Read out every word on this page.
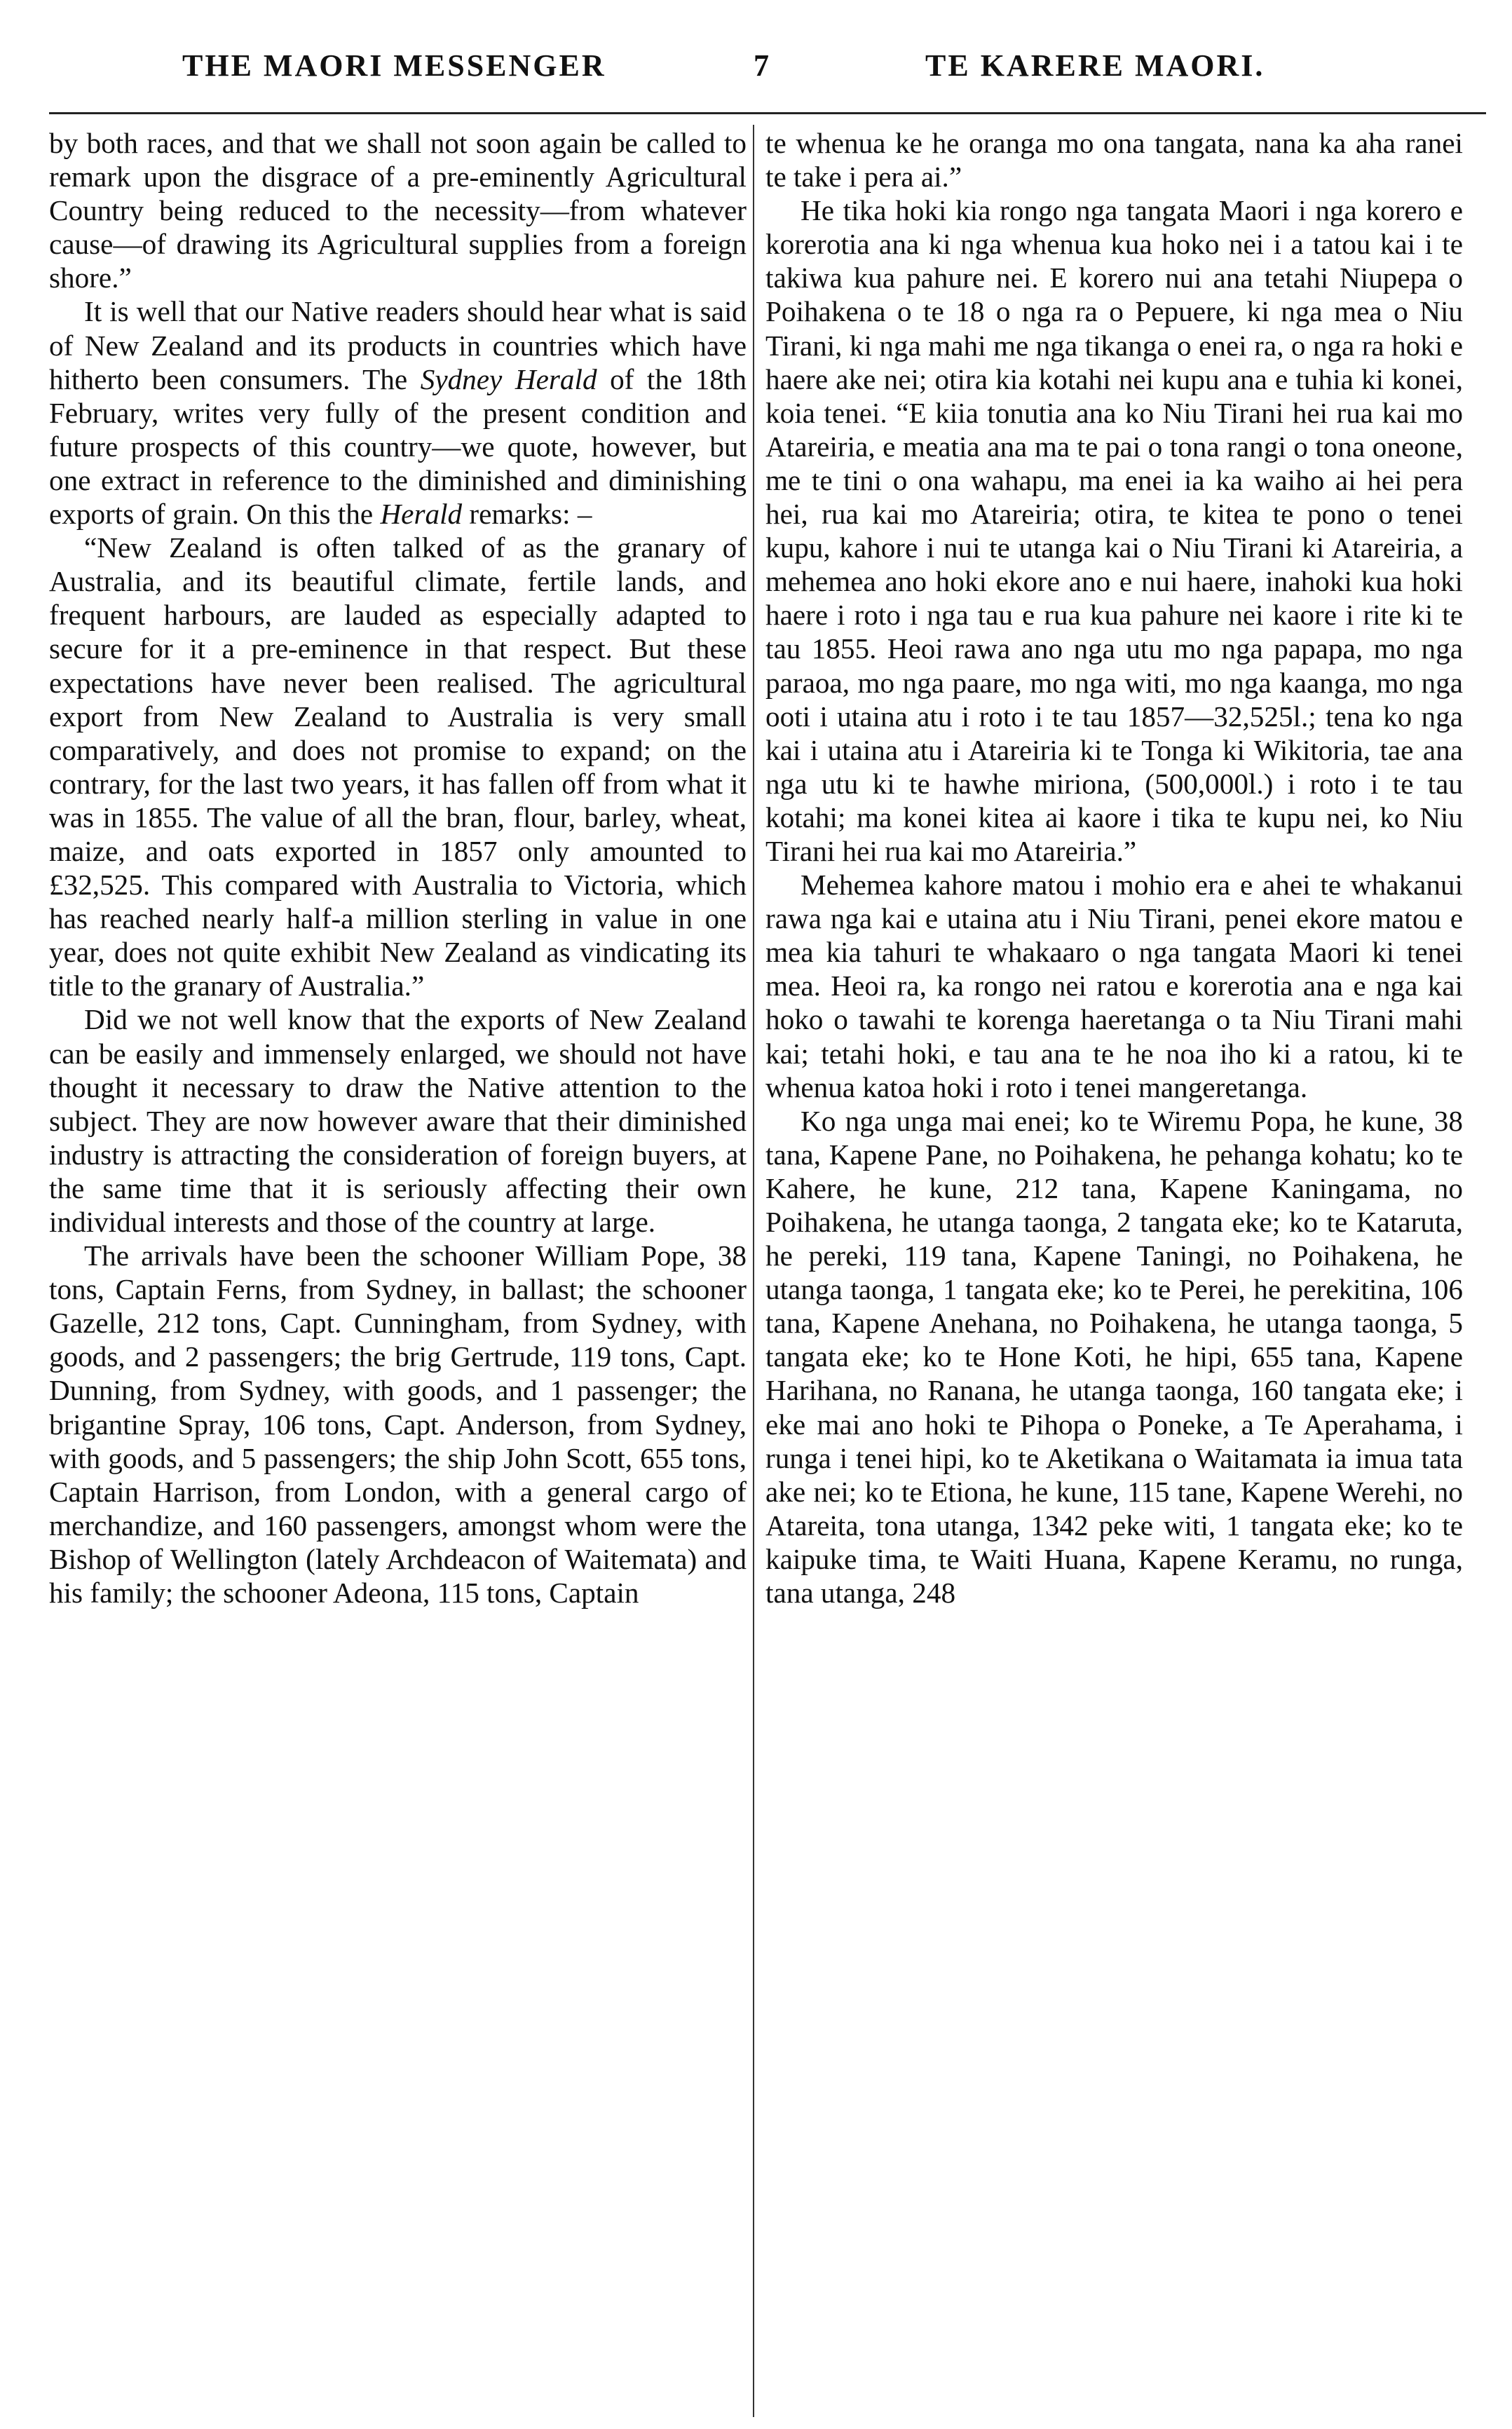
THE MAORI MESSENGER	7	TE KARERE MAORI.

by both races, and that we shall not soon again be called to remark upon the disgrace of a pre-eminently Agricultural Country being reduced to the necessity—from whatever cause—of drawing its Agricultural supplies from a foreign shore.”

It is well that our Native readers should hear what is said of New Zealand and its products in countries which have hitherto been consumers. The Sydney Herald of the 18th February, writes very fully of the present condition and future prospects of this country—we quote, however, but one extract in reference to the diminished and diminishing exports of grain. On this the Herald remarks: –

“New Zealand is often talked of as the granary of Australia, and its beautiful climate, fertile lands, and frequent harbours, are lauded as especially adapted to secure for it a pre-eminence in that respect. But these expectations have never been realised. The agricultural export from New Zealand to Australia is very small comparatively, and does not promise to expand; on the contrary, for the last two years, it has fallen off from what it was in 1855. The value of all the bran, flour, barley, wheat, maize, and oats exported in 1857 only amounted to £32,525. This compared with Australia to Victoria, which has reached nearly half-a million sterling in value in one year, does not quite exhibit New Zealand as vindicating its title to the granary of Australia.”

Did we not well know that the exports of New Zealand can be easily and immensely enlarged, we should not have thought it necessary to draw the Native attention to the subject. They are now however aware that their diminished industry is attracting the consideration of foreign buyers, at the same time that it is seriously affecting their own individual interests and those of the country at large.

The arrivals have been the schooner William Pope, 38 tons, Captain Ferns, from Sydney, in ballast; the schooner Gazelle, 212 tons, Capt. Cunningham, from Sydney, with goods, and 2 passengers; the brig Gertrude, 119 tons, Capt. Dunning, from Sydney, with goods, and 1 passenger; the brigantine Spray, 106 tons, Capt. Anderson, from Sydney, with goods, and 5 passengers; the ship John Scott, 655 tons, Captain Harrison, from London, with a general cargo of merchandize, and 160 passengers, amongst whom were the Bishop of Wellington (lately Archdeacon of Waitemata) and his family; the schooner Adeona, 115 tons, Captain

te whenua ke he oranga mo ona tangata, nana ka aha ranei te take i pera ai.”

He tika hoki kia rongo nga tangata Maori i nga korero e korerotia ana ki nga whenua kua hoko nei i a tatou kai i te takiwa kua pahure nei. E korero nui ana tetahi Niupepa o Poihakena o te 18 o nga ra o Pepuere, ki nga mea o Niu Tirani, ki nga mahi me nga tikanga o enei ra, o nga ra hoki e haere ake nei; otira kia kotahi nei kupu ana e tuhia ki konei, koia tenei. “E kiia tonutia ana ko Niu Tirani hei rua kai mo Atareiria, e meatia ana ma te pai o tona rangi o tona oneone, me te tini o ona wahapu, ma enei ia ka waiho ai hei pera hei, rua kai mo Atareiria; otira, te kitea te pono o tenei kupu, kahore i nui te utanga kai o Niu Tirani ki Atareiria, a mehemea ano hoki ekore ano e nui haere, inahoki kua hoki haere i roto i nga tau e rua kua pahure nei kaore i rite ki te tau 1855. Heoi rawa ano nga utu mo nga papapa, mo nga paraoa, mo nga paare, mo nga witi, mo nga kaanga, mo nga ooti i utaina atu i roto i te tau 1857—32,525l.; tena ko nga kai i utaina atu i Atareiria ki te Tonga ki Wikitoria, tae ana nga utu ki te hawhe miriona, (500,000l.) i roto i te tau kotahi; ma konei kitea ai kaore i tika te kupu nei, ko Niu Tirani hei rua kai mo Atareiria.”

Mehemea kahore matou i mohio era e ahei te whakanui rawa nga kai e utaina atu i Niu Tirani, penei ekore matou e mea kia tahuri te whakaaro o nga tangata Maori ki tenei mea. Heoi ra, ka rongo nei ratou e korerotia ana e nga kai hoko o tawahi te korenga haeretanga o ta Niu Tirani mahi kai; tetahi hoki, e tau ana te he noa iho ki a ratou, ki te whenua katoa hoki i roto i tenei mangeretanga.

Ko nga unga mai enei; ko te Wiremu Popa, he kune, 38 tana, Kapene Pane, no Poihakena, he pehanga kohatu; ko te Kahere, he kune, 212 tana, Kapene Kaningama, no Poihakena, he utanga taonga, 2 tangata eke; ko te Kataruta, he pereki, 119 tana, Kapene Taningi, no Poihakena, he utanga taonga, 1 tangata eke; ko te Perei, he perekitina, 106 tana, Kapene Anehana, no Poihakena, he utanga taonga, 5 tangata eke; ko te Hone Koti, he hipi, 655 tana, Kapene Harihana, no Ranana, he utanga taonga, 160 tangata eke; i eke mai ano hoki te Pihopa o Poneke, a Te Aperahama, i runga i tenei hipi, ko te Aketikana o Waitamata ia imua tata ake nei; ko te Etiona, he kune, 115 tane, Kapene Werehi, no Atareita, tona utanga, 1342 peke witi, 1 tangata eke; ko te kaipuke tima, te Waiti Huana, Kapene Keramu, no runga, tana utanga, 248
